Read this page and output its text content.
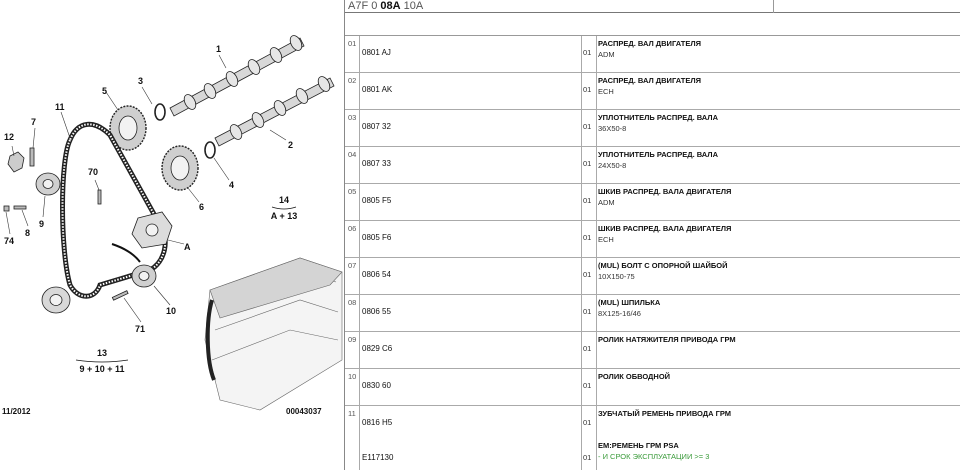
1
2
3
4
5
6
7
8
9
10
11
12
70
71
74
A
14
A + 13
13
9 + 10 + 11
11/2012	00043037
A7F 0 08A 10A
01
0801 AJ	01
РАСПРЕД. ВАЛ ДВИГАТЕЛЯ
ADM
02
0801 AK	01
РАСПРЕД. ВАЛ ДВИГАТЕЛЯ
ECH
03
0807 32	01
УПЛОТНИТЕЛЬ РАСПРЕД. ВАЛА
36X50-8
04
0807 33	01
УПЛОТНИТЕЛЬ РАСПРЕД. ВАЛА
24X50-8
05
0805 F5	01
ШКИВ РАСПРЕД. ВАЛА ДВИГАТЕЛЯ
ADM
06
0805 F6	01
ШКИВ РАСПРЕД. ВАЛА ДВИГАТЕЛЯ
ECH
07
0806 54	01
(MUL) БОЛТ С ОПОРНОЙ ШАЙБОЙ
10X150-75
08
0806 55	01
(MUL) ШПИЛЬКА
8X125-16/46
09
0829 C6	01
РОЛИК НАТЯЖИТЕЛЯ ПРИВОДА ГРМ
10
0830 60	01
РОЛИК ОБВОДНОЙ
11
0816 H5	01
ЗУБЧАТЫЙ РЕМЕНЬ ПРИВОДА ГРМ
E117130	01
ЕМ:РЕМЕНЬ ГРМ PSA
- И СРОК ЭКСПЛУАТАЦИИ >= 3
